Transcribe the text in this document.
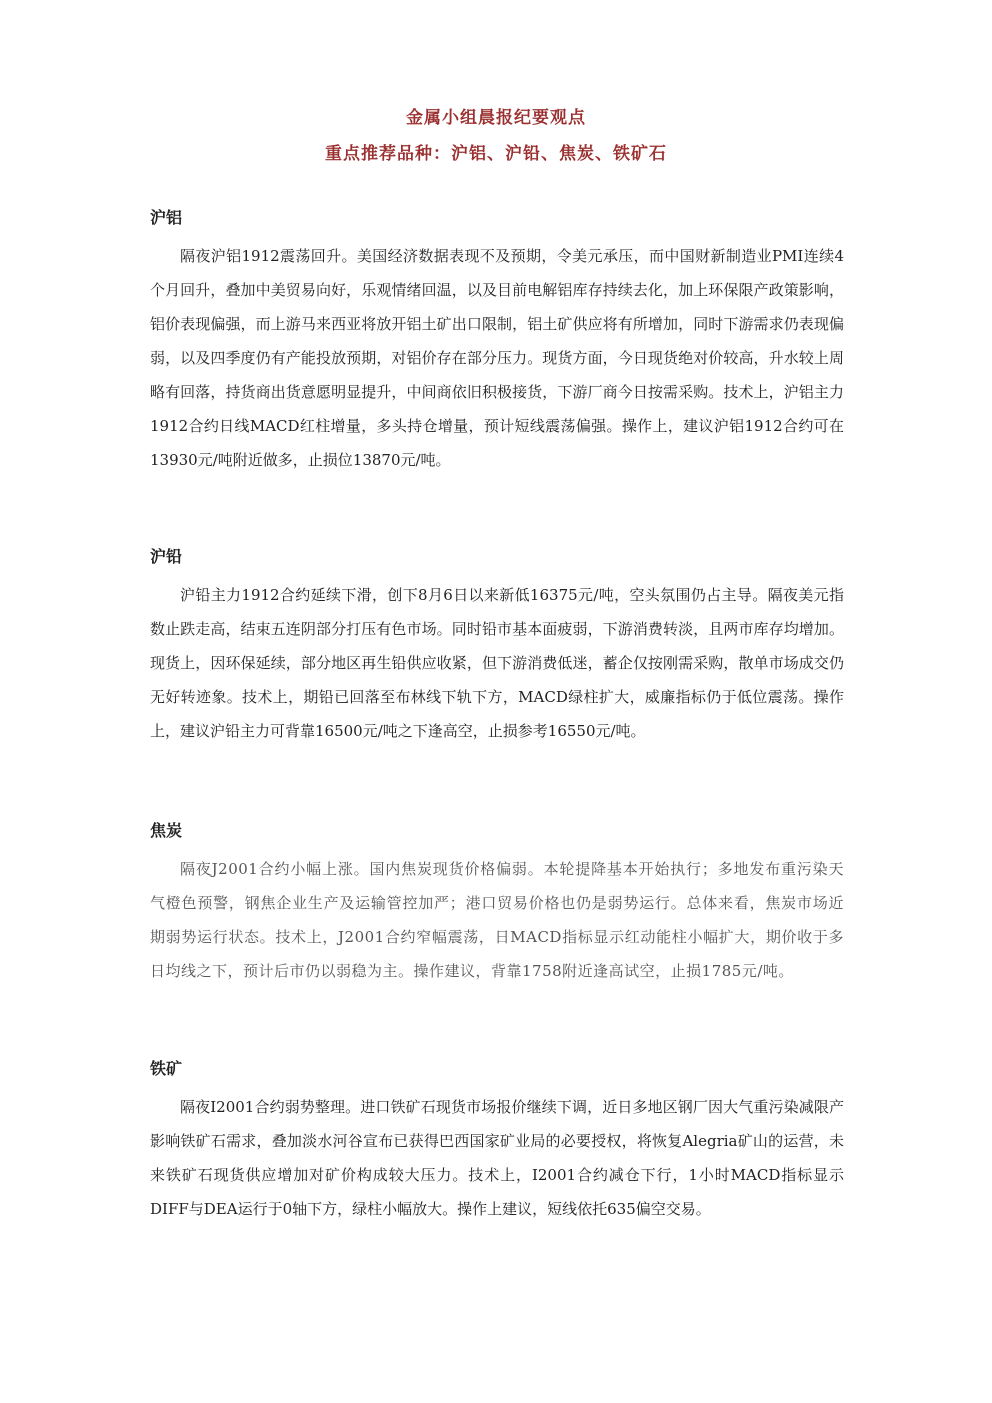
金属小组晨报纪要观点
重点推荐品种：沪铝、沪铅、焦炭、铁矿石
沪铝

隔夜沪铝1912震荡回升。美国经济数据表现不及预期，令美元承压，而中国财新制造业PMI连续4个月回升，叠加中美贸易向好，乐观情绪回温，以及目前电解铝库存持续去化，加上环保限产政策影响，铝价表现偏强，而上游马来西亚将放开铝土矿出口限制，铝土矿供应将有所增加，同时下游需求仍表现偏弱，以及四季度仍有产能投放预期，对铝价存在部分压力。现货方面，今日现货绝对价较高，升水较上周略有回落，持货商出货意愿明显提升，中间商依旧积极接货，下游厂商今日按需采购。技术上，沪铝主力1912合约日线MACD红柱增量，多头持仓增量，预计短线震荡偏强。操作上，建议沪铝1912合约可在13930元/吨附近做多，止损位13870元/吨。

沪铅

沪铅主力1912合约延续下滑，创下8月6日以来新低16375元/吨，空头氛围仍占主导。隔夜美元指数止跌走高，结束五连阴部分打压有色市场。同时铅市基本面疲弱，下游消费转淡，且两市库存均增加。现货上，因环保延续，部分地区再生铅供应收紧，但下游消费低迷，蓄企仅按刚需采购，散单市场成交仍无好转迹象。技术上，期铅已回落至布林线下轨下方，MACD绿柱扩大，威廉指标仍于低位震荡。操作上，建议沪铅主力可背靠16500元/吨之下逢高空，止损参考16550元/吨。

焦炭

隔夜J2001合约小幅上涨。国内焦炭现货价格偏弱。本轮提降基本开始执行；多地发布重污染天气橙色预警，钢焦企业生产及运输管控加严；港口贸易价格也仍是弱势运行。总体来看，焦炭市场近期弱势运行状态。技术上，J2001合约窄幅震荡，日MACD指标显示红动能柱小幅扩大，期价收于多日均线之下，预计后市仍以弱稳为主。操作建议，背靠1758附近逢高试空，止损1785元/吨。

铁矿

隔夜I2001合约弱势整理。进口铁矿石现货市场报价继续下调，近日多地区钢厂因大气重污染减限产影响铁矿石需求，叠加淡水河谷宣布已获得巴西国家矿业局的必要授权，将恢复Alegria矿山的运营，未来铁矿石现货供应增加对矿价构成较大压力。技术上，I2001合约减仓下行，1小时MACD指标显示DIFF与DEA运行于0轴下方，绿柱小幅放大。操作上建议，短线依托635偏空交易。
